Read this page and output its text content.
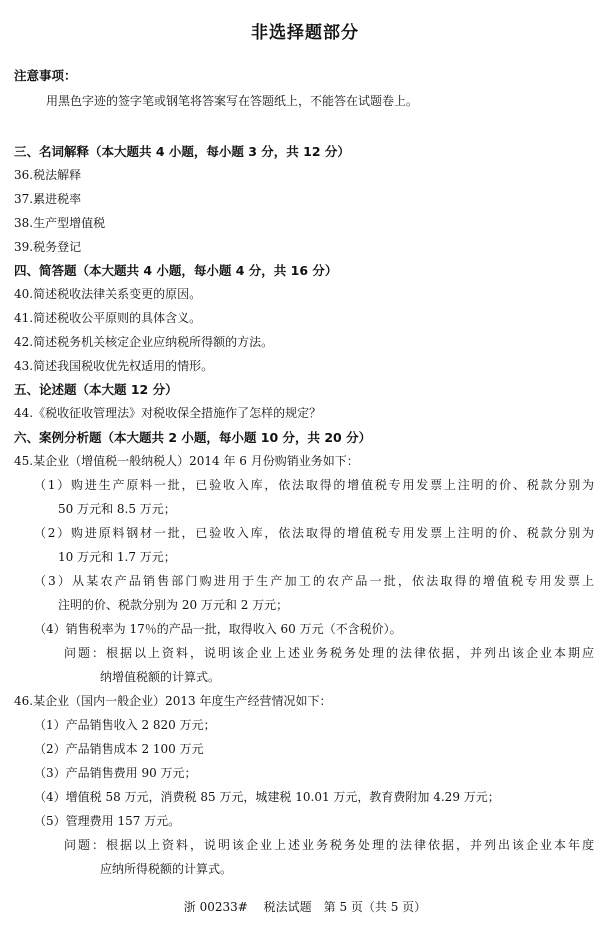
非选择题部分
注意事项：
用黑色字迹的签字笔或钢笔将答案写在答题纸上，不能答在试题卷上。
三、名词解释（本大题共 4 小题，每小题 3 分，共 12 分）
36.税法解释
37.累进税率
38.生产型增值税
39.税务登记
四、简答题（本大题共 4 小题，每小题 4 分，共 16 分）
40.简述税收法律关系变更的原因。
41.简述税收公平原则的具体含义。
42.简述税务机关核定企业应纳税所得额的方法。
43.简述我国税收优先权适用的情形。
五、论述题（本大题 12 分）
44.《税收征收管理法》对税收保全措施作了怎样的规定？
六、案例分析题（本大题共 2 小题，每小题 10 分，共 20 分）
45.某企业（增值税一般纳税人）2014 年 6 月份购销业务如下：
（1）购进生产原料一批，已验收入库，依法取得的增值税专用发票上注明的价、税款分别为
50 万元和 8.5 万元；
（2）购进原料钢材一批，已验收入库，依法取得的增值税专用发票上注明的价、税款分别为
10 万元和 1.7 万元；
（3）从某农产品销售部门购进用于生产加工的农产品一批，依法取得的增值税专用发票上
注明的价、税款分别为 20 万元和 2 万元；
（4）销售税率为 17％的产品一批，取得收入 60 万元（不含税价）。
问题：根据以上资料，说明该企业上述业务税务处理的法律依据，并列出该企业本期应
纳增值税额的计算式。
46.某企业（国内一般企业）2013 年度生产经营情况如下：
（1）产品销售收入 2 820 万元；
（2）产品销售成本 2 100 万元
（3）产品销售费用 90 万元；
（4）增值税 58 万元，消费税 85 万元，城建税 10.01 万元，教育费附加 4.29 万元；
（5）管理费用 157 万元。
问题：根据以上资料，说明该企业上述业务税务处理的法律依据，并列出该企业本年度
应纳所得税额的计算式。
浙 00233#　 税法试题　第 5 页（共 5 页）
